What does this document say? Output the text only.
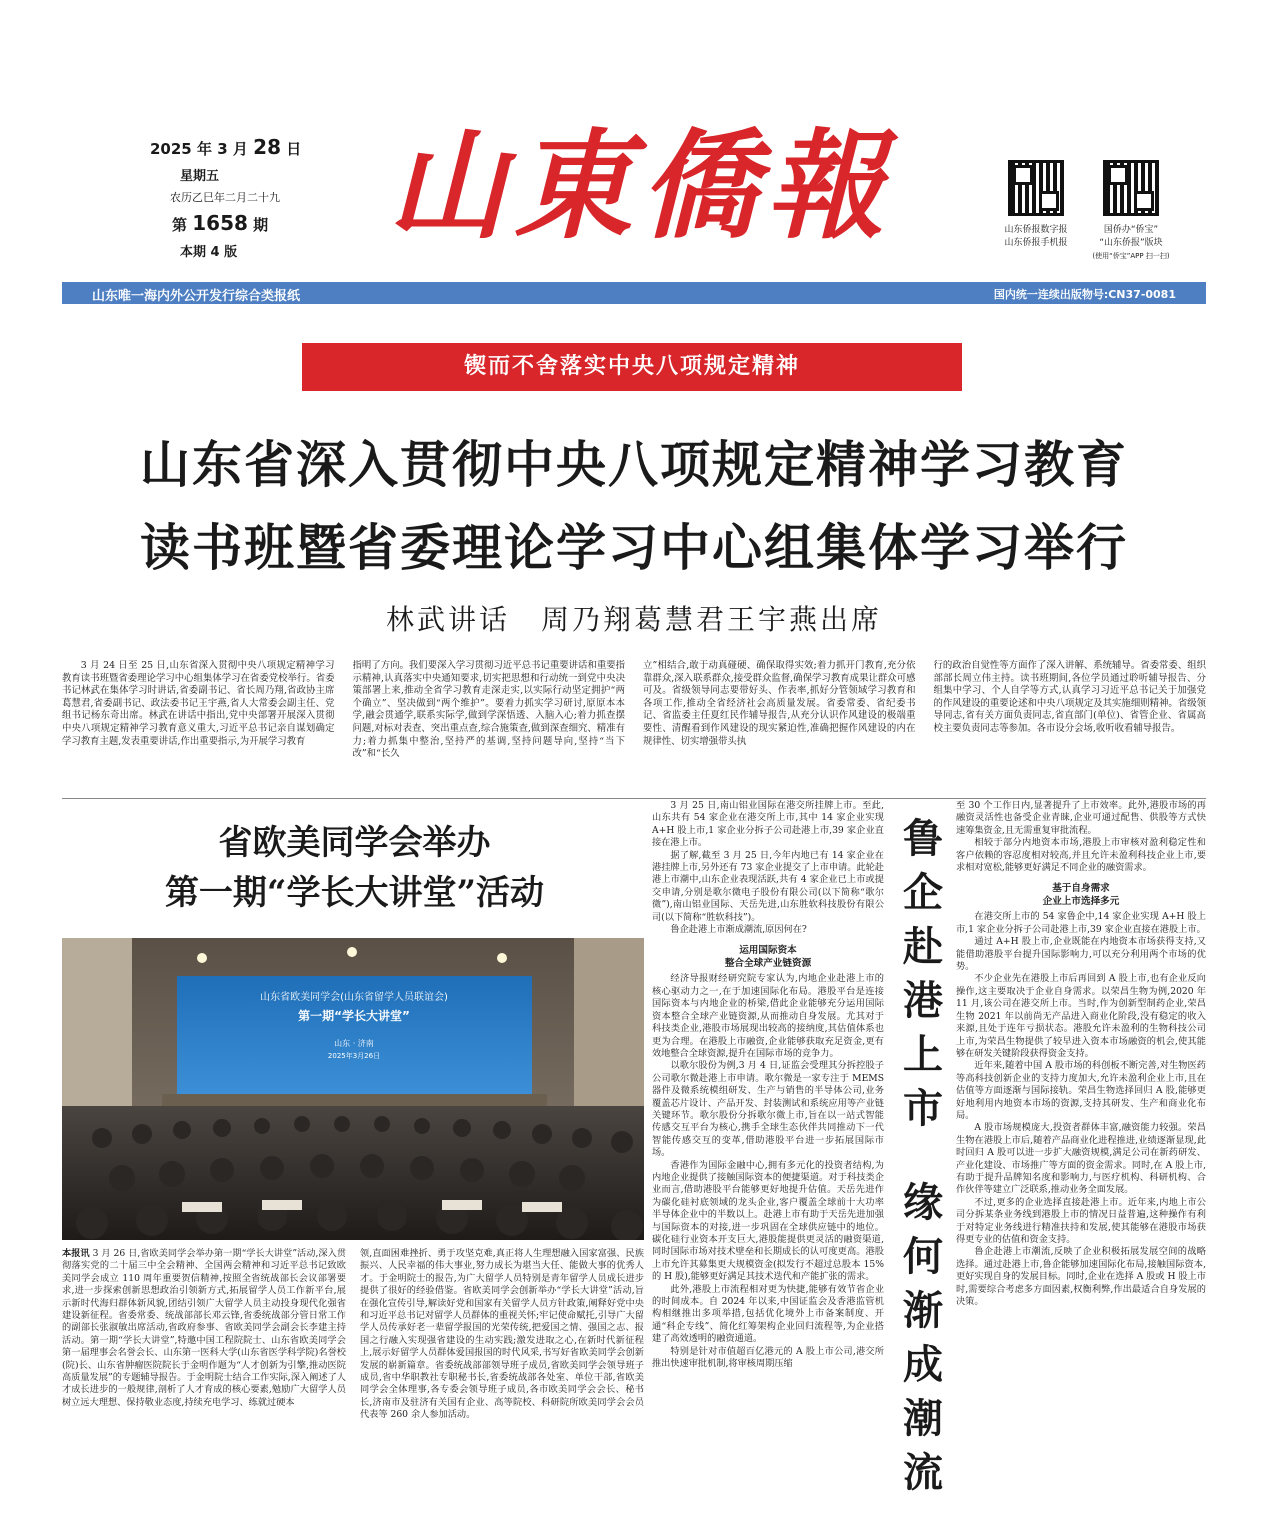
2025 年 3 月 28 日
星期五
农历乙巳年二月二十九
第 1658 期
本期 4 版	山東僑報	山东侨报数字报
山东侨报手机报
国侨办“侨宝”
“山东侨报”版块
(使用“侨宝”APP 扫一扫)
山东唯一海内外公开发行综合类报纸	国内统一连续出版物号:CN37-0081
锲而不舍落实中央八项规定精神
山东省深入贯彻中央八项规定精神学习教育
读书班暨省委理论学习中心组集体学习举行
林武讲话　周乃翔葛慧君王宇燕出席
3 月 24 日至 25 日,山东省深入贯彻中央八项规定精神学习教育读书班暨省委理论学习中心组集体学习在省委党校举行。省委书记林武在集体学习时讲话,省委副书记、省长周乃翔,省政协主席葛慧君,省委副书记、政法委书记王宇燕,省人大常委会副主任、党组书记杨东奇出席。林武在讲话中指出,党中央部署开展深入贯彻中央八项规定精神学习教育意义重大,习近平总书记亲自谋划确定学习教育主题,发表重要讲话,作出重要指示,为开展学习教育
指明了方向。我们要深入学习贯彻习近平总书记重要讲话和重要指示精神,认真落实中央通知要求,切实把思想和行动统一到党中央决策部署上来,推动全省学习教育走深走实,以实际行动坚定拥护“两个确立”、坚决做到“两个维护”。要着力抓实学习研讨,原原本本学,融会贯通学,联系实际学,做到学深悟透、入脑入心;着力抓查摆问题,对标对表查、突出重点查,综合施策查,做到深查细究、精准有力;着力抓集中整治,坚持严的基调,坚持问题导向,坚持“当下改”和“长久
立”相结合,敢于动真碰硬、确保取得实效;着力抓开门教育,充分依靠群众,深入联系群众,接受群众监督,确保学习教育成果让群众可感可及。省级领导同志要带好头、作表率,抓好分管领域学习教育和各项工作,推动全省经济社会高质量发展。省委常委、省纪委书记、省监委主任夏红民作辅导报告,从充分认识作风建设的极端重要性、清醒看到作风建设的现实紧迫性,准确把握作风建设的内在规律性、切实增强带头执
行的政治自觉性等方面作了深入讲解、系统辅导。省委常委、组织部部长周立伟主持。读书班期间,各位学员通过聆听辅导报告、分组集中学习、个人自学等方式,认真学习习近平总书记关于加强党的作风建设的重要论述和中央八项规定及其实施细则精神。省级领导同志,省有关方面负责同志,省直部门(单位)、省管企业、省属高校主要负责同志等参加。各市设分会场,收听收看辅导报告。
省欧美同学会举办
第一期“学长大讲堂”活动
山东省欧美同学会(山东省留学人员联谊会)
第一期“学长大讲堂”
山东 · 济南
2025年3月26日
本报讯 3 月 26 日,省欧美同学会举办第一期“学长大讲堂”活动,深入贯彻落实党的二十届三中全会精神、全国两会精神和习近平总书记致欧美同学会成立 110 周年重要贺信精神,按照全省统战部长会议部署要求,进一步探索创新思想政治引领新方式,拓展留学人员工作新平台,展示新时代海归群体新风貌,团结引领广大留学人员主动投身现代化强省建设新征程。省委常委、统战部部长邓云锋,省委统战部分管日常工作的副部长张淑敏出席活动,省政府参事、省欧美同学会副会长李建主持活动。第一期“学长大讲堂”,特邀中国工程院院士、山东省欧美同学会第一届理事会名誉会长、山东第一医科大学(山东省医学科学院)名誉校(院)长、山东省肿瘤医院院长于金明作题为“人才创新为引擎,推动医院高质量发展”的专题辅导报告。于金明院士结合工作实际,深入阐述了人才成长进步的一般规律,剖析了人才育成的核心要素,勉励广大留学人员树立远大理想、保持敬业态度,持续充电学习、练就过硬本
领,直面困难挫折、勇于攻坚克难,真正将人生理想融入国家富强、民族振兴、人民幸福的伟大事业,努力成长为堪当大任、能做大事的优秀人才。于金明院士的报告,为广大留学人员特别是青年留学人员成长进步提供了很好的经验借鉴。省欧美同学会创新举办“学长大讲堂”活动,旨在强化宣传引导,解读好党和国家有关留学人员方针政策,阐释好党中央和习近平总书记对留学人员群体的重视关怀;牢记使命赋托,引导广大留学人员传承好老一辈留学报国的光荣传统,把爱国之情、强国之志、报国之行融入实现强省建设的生动实践;激发进取之心,在新时代新征程上,展示好留学人员群体爱国报国的时代风采,书写好省欧美同学会创新发展的崭新篇章。省委统战部部领导班子成员,省欧美同学会领导班子成员,省中华职教社专职秘书长,省委统战部各处室、单位干部,省欧美同学会全体理事,各专委会领导班子成员,各市欧美同学会会长、秘书长,济南市及驻济有关国有企业、高等院校、科研院所欧美同学会会员代表等 260 余人参加活动。

3 月 25 日,南山铝业国际在港交所挂牌上市。至此,山东共有 54 家企业在港交所上市,其中 14 家企业实现 A+H 股上市,1 家企业分拆子公司赴港上市,39 家企业直接在港上市。

据了解,截至 3 月 25 日,今年内地已有 14 家企业在港挂牌上市,另外还有 73 家企业提交了上市申请。此轮赴港上市潮中,山东企业表现活跃,共有 4 家企业已上市或提交申请,分别是歌尔微电子股份有限公司(以下简称“歌尔微”),南山铝业国际、天岳先进,山东胜软科技股份有限公司(以下简称“胜软科技”)。

鲁企赴港上市渐成潮流,原因何在?

运用国际资本
整合全球产业链资源

经济导报财经研究院专家认为,内地企业赴港上市的核心驱动力之一,在于加速国际化布局。港股平台是连接国际资本与内地企业的桥梁,借此企业能够充分运用国际资本整合全球产业链资源,从而推动自身发展。尤其对于科技类企业,港股市场展现出较高的接纳度,其估值体系也更为合理。在港股上市融资,企业能够获取充足资金,更有效地整合全球资源,提升在国际市场的竞争力。

以歌尔股份为例,3 月 4 日,证监会受理其分拆控股子公司歌尔微赴港上市申请。歌尔微是一家专注于 MEMS 器件及微系统模组研发、生产与销售的半导体公司,业务覆盖芯片设计、产品开发、封装测试和系统应用等产业链关键环节。歌尔股份分拆歌尔微上市,旨在以一站式智能传感交互平台为核心,携手全球生态伙伴共同推动下一代智能传感交互的变革,借助港股平台进一步拓展国际市场。

香港作为国际金融中心,拥有多元化的投资者结构,为内地企业提供了接触国际资本的便捷渠道。对于科技类企业而言,借助港股平台能够更好地提升估值。天岳先进作为碳化硅衬底领域的龙头企业,客户覆盖全球前十大功率半导体企业中的半数以上。赴港上市有助于天岳先进加强与国际资本的对接,进一步巩固在全球供应链中的地位。碳化硅行业资本开支巨大,港股能提供更灵活的融资渠道,同时国际市场对技术壁垒和长期成长的认可度更高。港股上市允许其募集更大规模资金(拟发行不超过总股本 15%的 H 股),能够更好满足其技术迭代和产能扩张的需求。

此外,港股上市流程相对更为快捷,能够有效节省企业的时间成本。自 2024 年以来,中国证监会及香港监管机构相继推出多项举措,包括优化境外上市备案制度、开通“科企专线”、简化红筹架构企业回归流程等,为企业搭建了高效透明的融资通道。

特别是针对市值超百亿港元的 A 股上市公司,港交所推出快速审批机制,将审核周期压缩

鲁
企
赴
港
上
市
缘
何
渐
成
潮
流

至 30 个工作日内,显著提升了上市效率。此外,港股市场的再融资灵活性也备受企业青睐,企业可通过配售、供股等方式快速筹集资金,且无需重复审批流程。

相较于部分内地资本市场,港股上市审核对盈利稳定性和客户依赖的容忍度相对较高,并且允许未盈利科技企业上市,要求相对宽松,能够更好满足不同企业的融资需求。

基于自身需求
企业上市选择多元

在港交所上市的 54 家鲁企中,14 家企业实现 A+H 股上市,1 家企业分拆子公司赴港上市,39 家企业直接在港股上市。

通过 A+H 股上市,企业既能在内地资本市场获得支持,又能借助港股平台提升国际影响力,可以充分利用两个市场的优势。

不少企业先在港股上市后再回到 A 股上市,也有企业反向操作,这主要取决于企业自身需求。以荣昌生物为例,2020 年 11 月,该公司在港交所上市。当时,作为创新型制药企业,荣昌生物 2021 年以前尚无产品进入商业化阶段,没有稳定的收入来源,且处于连年亏损状态。港股允许未盈利的生物科技公司上市,为荣昌生物提供了较早进入资本市场融资的机会,使其能够在研发关键阶段获得资金支持。

近年来,随着中国 A 股市场的科创板不断完善,对生物医药等高科技创新企业的支持力度加大,允许未盈利企业上市,且在估值等方面逐渐与国际接轨。荣昌生物选择回归 A 股,能够更好地利用内地资本市场的资源,支持其研发、生产和商业化布局。

A 股市场规模庞大,投资者群体丰富,融资能力较强。荣昌生物在港股上市后,随着产品商业化进程推进,业绩逐渐显现,此时回归 A 股可以进一步扩大融资规模,满足公司在新药研发、产业化建设、市场推广等方面的资金需求。同时,在 A 股上市,有助于提升品牌知名度和影响力,与医疗机构、科研机构、合作伙伴等建立广泛联系,推动业务全面发展。

不过,更多的企业选择直接赴港上市。近年来,内地上市公司分拆某条业务线到港股上市的情况日益普遍,这种操作有利于对特定业务线进行精准扶持和发展,使其能够在港股市场获得更专业的估值和资金支持。

鲁企赴港上市潮流,反映了企业积极拓展发展空间的战略选择。通过赴港上市,鲁企能够加速国际化布局,接触国际资本,更好实现自身的发展目标。同时,企业在选择 A 股或 H 股上市时,需要综合考虑多方面因素,权衡利弊,作出最适合自身发展的决策。
